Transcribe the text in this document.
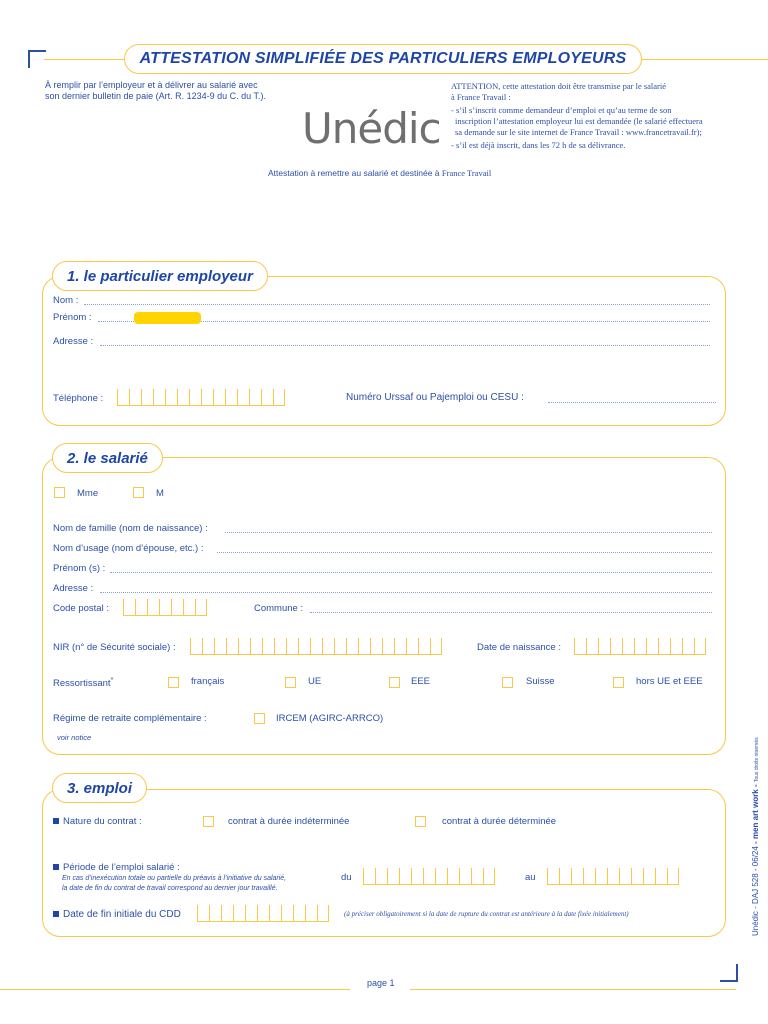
ATTESTATION SIMPLIFIÉE DES PARTICULIERS EMPLOYEURS
À remplir par l’employeur et à délivrer au salarié avec
son dernier bulletin de paie (Art. R. 1234-9 du C. du T.).
Unédic
ATTENTION, cette attestation doit être transmise par le salarié
à France Travail :
- s’il s’inscrit comme demandeur d’emploi et qu’au terme de son
inscription l’attestation employeur lui est demandée (le salarié effectuera
sa demande sur le site internet de France Travail : www.francetravail.fr);
- s’il est déjà inscrit, dans les 72 h de sa délivrance.
Attestation à remettre au salarié et destinée à France Travail
1. le particulier employeur
Nom :
Prénom :
Adresse :
Téléphone :	Numéro Urssaf ou Pajemploi ou CESU :
2. le salarié
Mme	M
Nom de famille (nom de naissance) :
Nom d’usage (nom d’épouse, etc.) :
Prénom (s) :
Adresse :
Code postal :	Commune :
NIR (n° de Sécurité sociale) :	Date de naissance :
Ressortissant*	français	UE	EEE	Suisse	hors UE et EEE
Régime de retraite complémentaire :	IRCEM (AGIRC-ARRCO)
voir notice
3. emploi
Nature du contrat :	contrat à durée indéterminée	contrat à durée déterminée
Période de l’emploi salarié :
En cas d’inexécution totale ou partielle du préavis à l’initiative du salarié,
la date de fin du contrat de travail correspond au dernier jour travaillé.
du	au
Date de fin initiale du CDD	(à préciser obligatoirement si la date de rupture du contrat est antérieure à la date fixée initialement)	Unédic - DAJ 528 - 06/24 - men art work - Tous droits réservés
page 1
